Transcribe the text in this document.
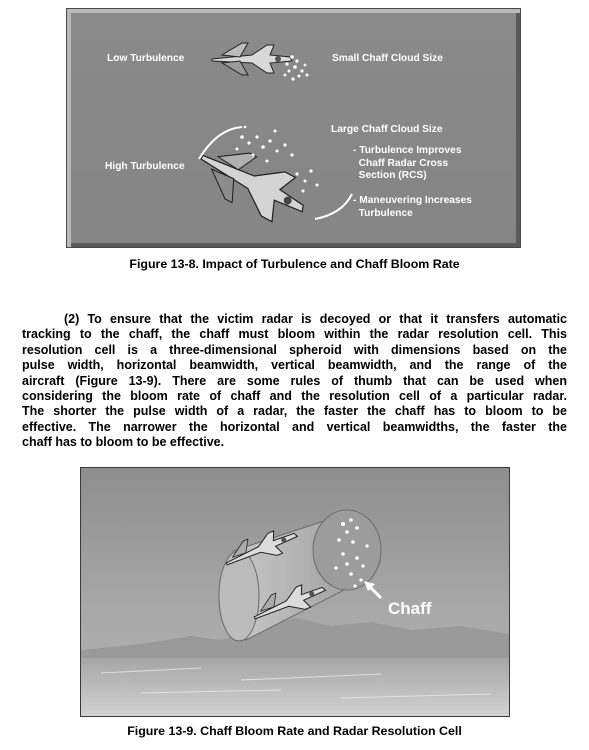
Low Turbulence	Small Chaff Cloud Size
Large Chaff Cloud Size
High Turbulence
- Turbulence Improves
Chaff Radar Cross
Section (RCS)
- Maneuvering Increases
Turbulence
Figure 13-8. Impact of Turbulence and Chaff Bloom Rate
(2) To ensure that the victim radar is decoyed or that it transfers automatic
tracking to the chaff, the chaff must bloom within the radar resolution cell. This
resolution cell is a three-dimensional spheroid with dimensions based on the
pulse width, horizontal beamwidth, vertical beamwidth, and the range of the
aircraft (Figure 13-9). There are some rules of thumb that can be used when
considering the bloom rate of chaff and the resolution cell of a particular radar.
The shorter the pulse width of a radar, the faster the chaff has to bloom to be
effective. The narrower the horizontal and vertical beamwidths, the faster the
chaff has to bloom to be effective.
Chaff
Figure 13-9. Chaff Bloom Rate and Radar Resolution Cell
